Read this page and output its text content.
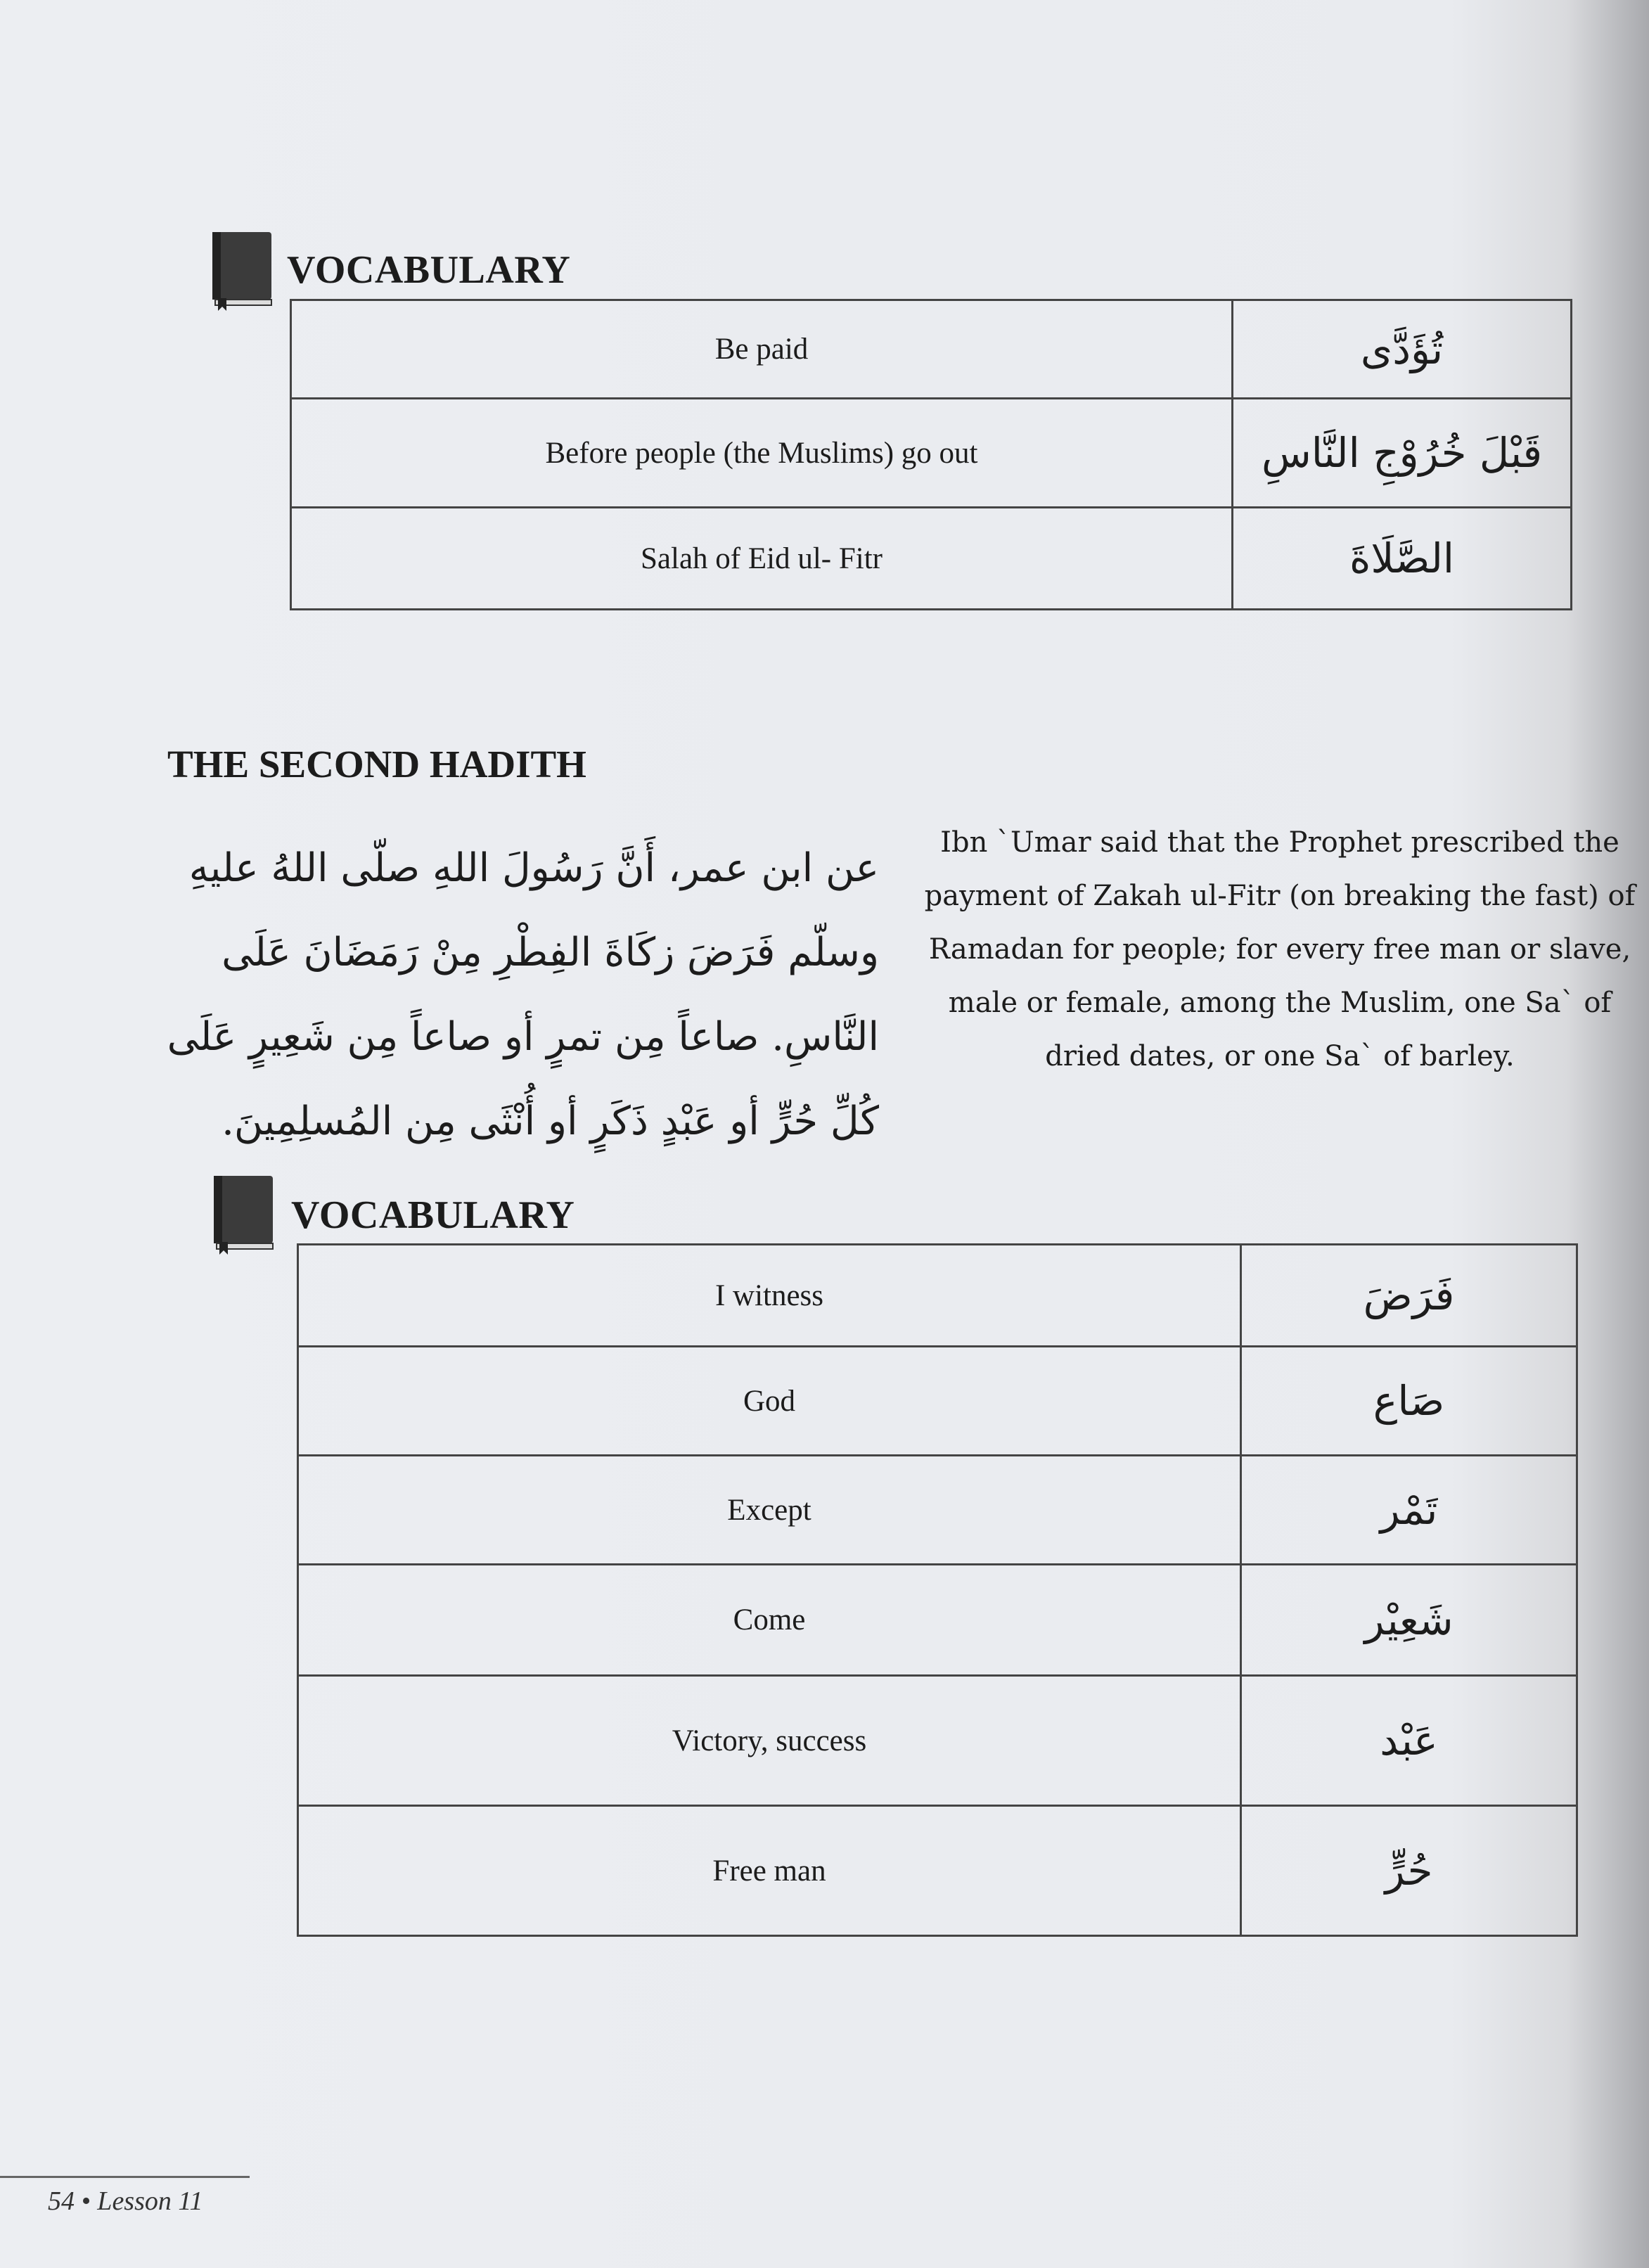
VOCABULARY
Be paid	تُؤَدَّى
Before people (the Muslims) go out	قَبْلَ خُرُوْجِ النَّاسِ
Salah of Eid ul- Fitr	الصَّلَاةَ
THE SECOND HADITH
عن ابن عمر، أَنَّ رَسُولَ اللهِ صلّى اللهُ عليهِ وسلّم فَرَضَ زكَاةَ الفِطْرِ مِنْ رَمَضَانَ عَلَى النَّاسِ. صاعاً مِن تمرٍ أو صاعاً مِن شَعِيرٍ عَلَى كُلِّ حُرٍّ أو عَبْدٍ ذَكَرٍ أو أُنْثَى مِن المُسلِمِينَ.
Ibn `Umar said that the Prophet prescribed the payment of Zakah ul-Fitr (on breaking the fast) of Ramadan for people; for every free man or slave, male or female, among the Muslim, one Sa` of dried dates, or one Sa` of barley.
VOCABULARY
I witness	فَرَضَ
God	صَاع
Except	تَمْر
Come	شَعِيْر
Victory, success	عَبْد
Free man	حُرٍّ
54 • Lesson 11
